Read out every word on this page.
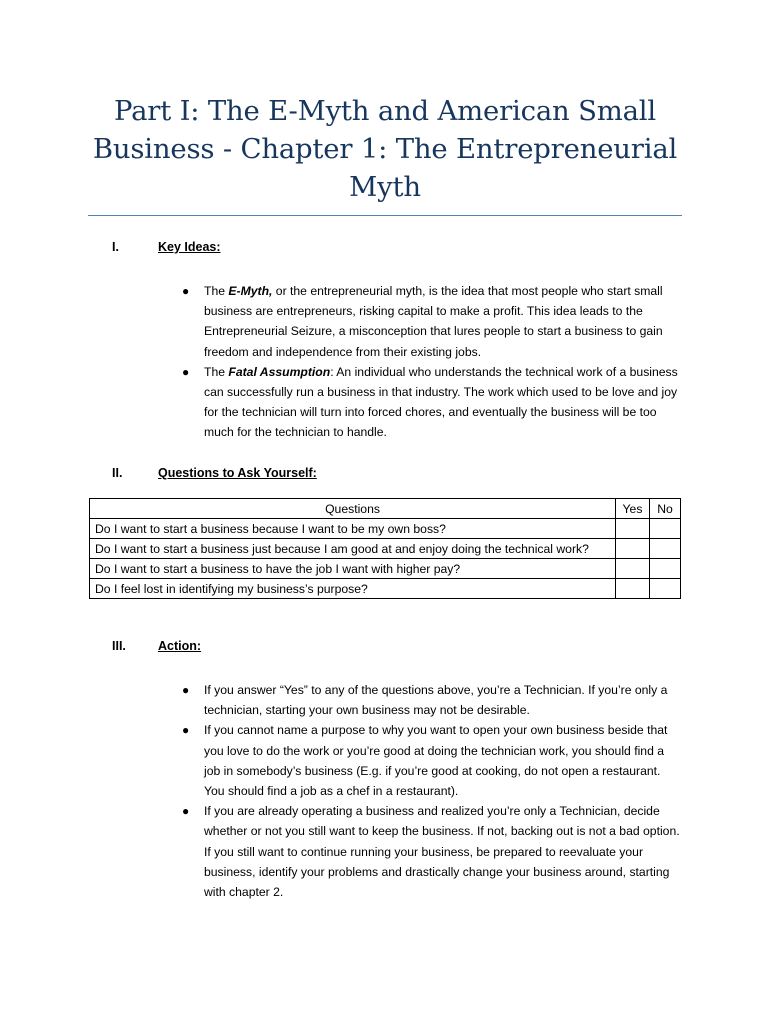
Part I: The E-Myth and American Small Business - Chapter 1: The Entrepreneurial Myth
I.	Key Ideas:
● The E-Myth, or the entrepreneurial myth, is the idea that most people who start small business are entrepreneurs, risking capital to make a profit. This idea leads to the Entrepreneurial Seizure, a misconception that lures people to start a business to gain freedom and independence from their existing jobs.
● The Fatal Assumption: An individual who understands the technical work of a business can successfully run a business in that industry. The work which used to be love and joy for the technician will turn into forced chores, and eventually the business will be too much for the technician to handle.
II.	Questions to Ask Yourself:
Questions	Yes	No
Do I want to start a business because I want to be my own boss?		
Do I want to start a business just because I am good at and enjoy doing the technical work?		
Do I want to start a business to have the job I want with higher pay?		
Do I feel lost in identifying my business’s purpose?		
III.	Action:
● If you answer “Yes” to any of the questions above, you’re a Technician. If you’re only a technician, starting your own business may not be desirable.
● If you cannot name a purpose to why you want to open your own business beside that you love to do the work or you’re good at doing the technician work, you should find a job in somebody’s business (E.g. if you’re good at cooking, do not open a restaurant. You should find a job as a chef in a restaurant).
● If you are already operating a business and realized you’re only a Technician, decide whether or not you still want to keep the business. If not, backing out is not a bad option. If you still want to continue running your business, be prepared to reevaluate your business, identify your problems and drastically change your business around, starting with chapter 2.
